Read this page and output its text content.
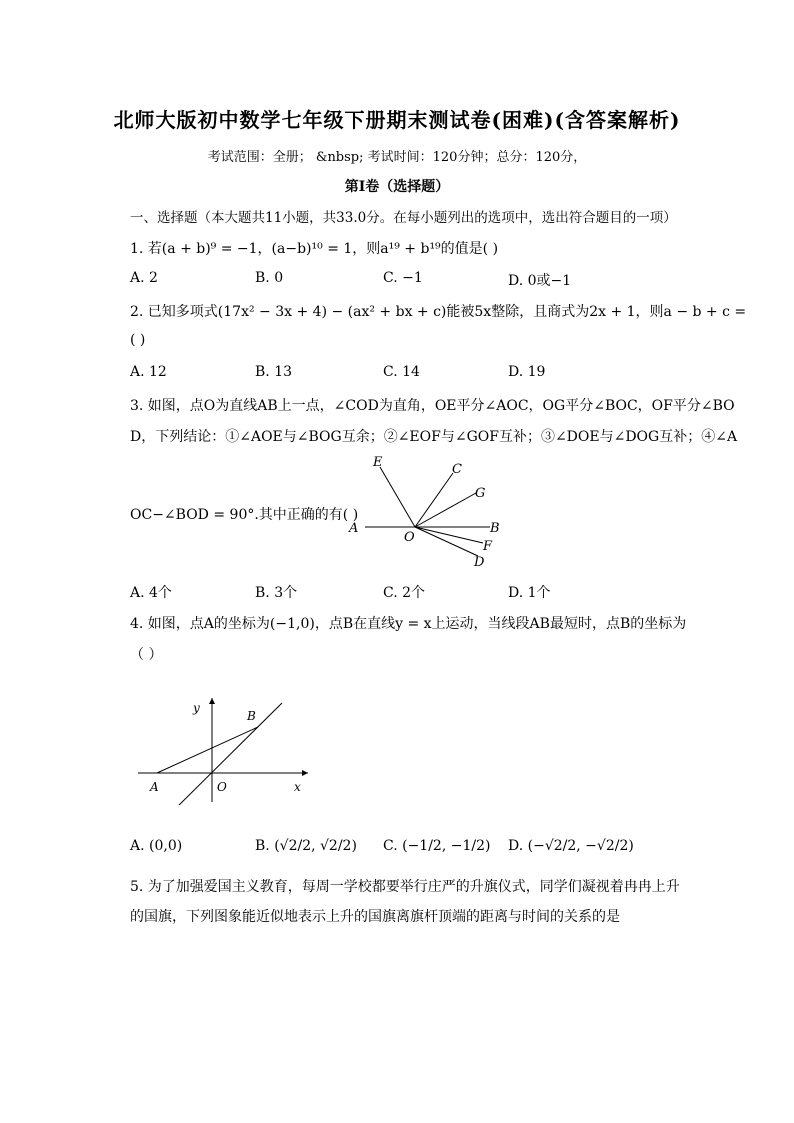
北师大版初中数学七年级下册期末测试卷(困难)(含答案解析)
考试范围：全册； &nbsp; 考试时间：120分钟；总分：120分，
第Ⅰ卷（选择题）
一、选择题（本大题共11小题，共33.0分。在每小题列出的选项中，选出符合题目的一项）
1. 若(a + b)⁹ = −1，(a−b)¹⁰ = 1，则a¹⁹ + b¹⁹的值是( )
A. 2	B. 0	C. −1	D. 0或−1
2. 已知多项式(17x² − 3x + 4) − (ax² + bx + c)能被5x整除，且商式为2x + 1，则a − b + c =
( )
A. 12	B. 13	C. 14	D. 19
3. 如图，点O为直线AB上一点，∠COD为直角，OE平分∠AOC，OG平分∠BOC，OF平分∠BO
D，下列结论：①∠AOE与∠BOG互余；②∠EOF与∠GOF互补；③∠DOE与∠DOG互补；④∠A
OC−∠BOD = 90°.其中正确的有( )
E	C
G
A
O
B
F
D
A. 4个	B. 3个	C. 2个	D. 1个
4. 如图，点A的坐标为(−1,0)，点B在直线y = x上运动，当线段AB最短时，点B的坐标为
（ ）
y
B
A	O	x
A. (0,0)	B. (√2/2, √2/2) C. (−1/2, −1/2) D. (−√2/2, −√2/2)
5. 为了加强爱国主义教育，每周一学校都要举行庄严的升旗仪式，同学们凝视着冉冉上升
的国旗，下列图象能近似地表示上升的国旗离旗杆顶端的距离与时间的关系的是
